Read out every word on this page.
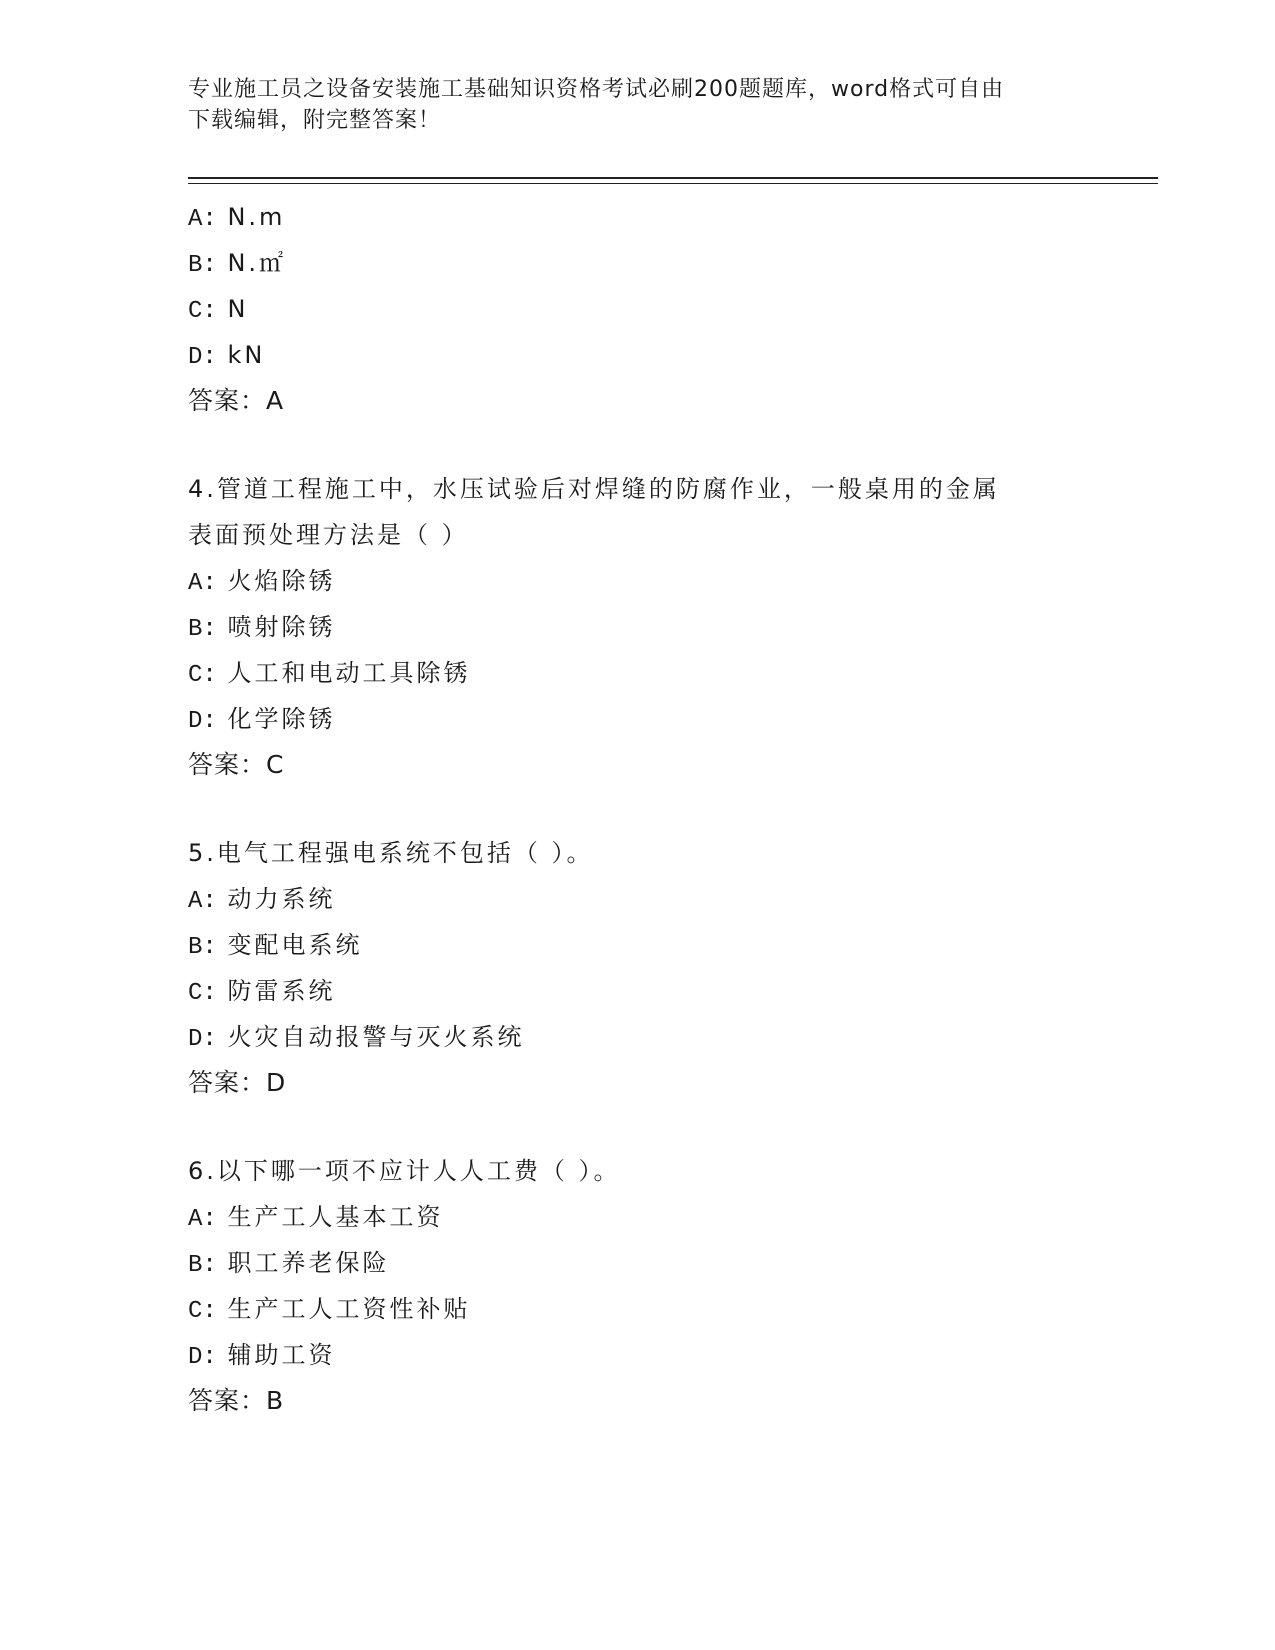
专业施工员之设备安装施工基础知识资格考试必刷200题题库，word格式可自由
下载编辑，附完整答案！
A: N.m
B: N.㎡
C: N
D: kN
答案：A
4.管道工程施工中，水压试验后对焊缝的防腐作业，一般桌用的金属
表面预处理方法是（ ）
A: 火焰除锈
B: 喷射除锈
C: 人工和电动工具除锈
D: 化学除锈
答案：C
5.电气工程强电系统不包括（ ）。
A: 动力系统
B: 变配电系统
C: 防雷系统
D: 火灾自动报警与灭火系统
答案：D
6.以下哪一项不应计人人工费（ ）。
A: 生产工人基本工资
B: 职工养老保险
C: 生产工人工资性补贴
D: 辅助工资
答案：B
